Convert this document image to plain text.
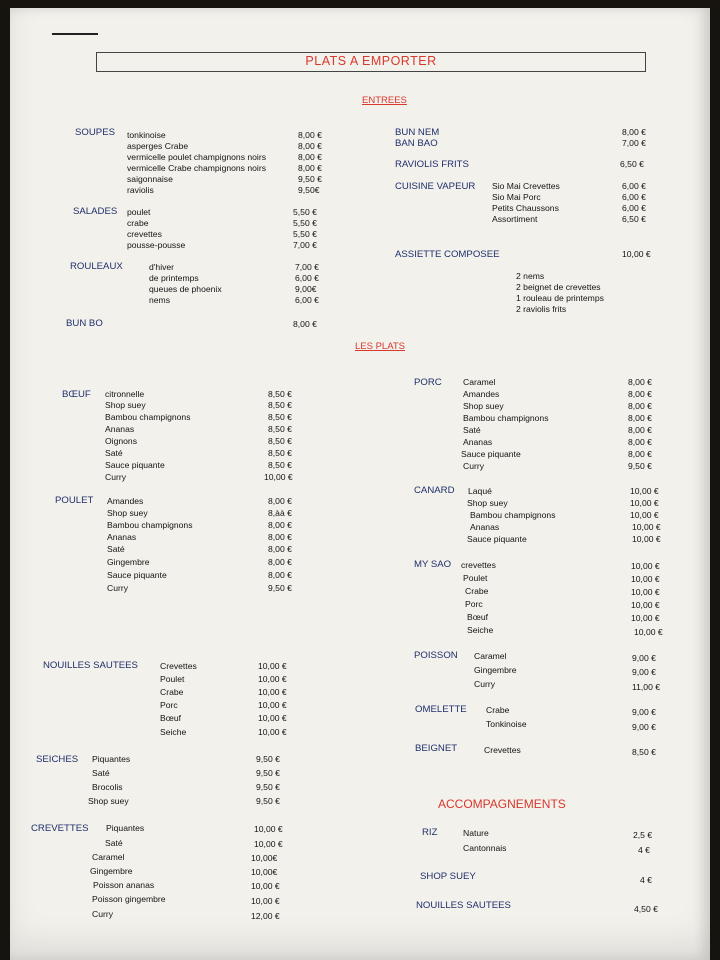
PLATS A EMPORTER
ENTREES
LES PLATS
ACCOMPAGNEMENTS
SOUPES tonkinoise	8,00 €
asperges Crabe	8,00 €
vermicelle poulet champignons noirs	8,00 €
vermicelle Crabe champignons noirs	8,00 €
saigonnaise	9,50 €
raviolis	9,50€
SALADES poulet	5,50 €
crabe	5,50 €
crevettes	5,50 €
pousse-pousse	7,00 €
ROULEAUX	d'hiver	7,00 €
de printemps	6,00 €
queues de phoenix	9,00€
nems	6,00 €
BUN BO	8,00 €
BUN NEM	8,00 €
BAN BAO	7,00 €
RAVIOLIS FRITS	6,50 €
CUISINE VAPEUR Sio Mai Crevettes	6,00 €
Sio Mai Porc	6,00 €
Petits Chaussons	6,00 €
Assortiment	6,50 €
ASSIETTE COMPOSEE	10,00 €
2 nems
2 beignet de crevettes
1 rouleau de printemps
2 raviolis frits
BŒUF citronnelle	8,50 €
Shop suey	8,50 €
Bambou champignons	8,50 €
Ananas	8,50 €
Oignons	8,50 €
Saté	8,50 €
Sauce piquante	8,50 €
Curry	10,00 €
POULET Amandes	8,00 €
Shop suey	8,àà €
Bambou champignons	8,00 €
Ananas	8,00 €
Saté	8,00 €
Gingembre	8,00 €
Sauce piquante	8,00 €
Curry	9,50 €
NOUILLES SAUTEES	Crevettes	10,00 €
Poulet	10,00 €
Crabe	10,00 €
Porc	10,00 €
Bœuf	10,00 €
Seiche	10,00 €
SEICHES Piquantes	9,50 €
Saté	9,50 €
Brocolis	9,50 €
Shop suey	9,50 €
CREVETTES Piquantes	10,00 €
Saté	10,00 €
Caramel	10,00€
Gingembre	10,00€
Poisson ananas	10,00 €
Poisson gingembre	10,00 €
Curry	12,00 €
PORC Caramel	8,00 €
Amandes	8,00 €
Shop suey	8,00 €
Bambou champignons	8,00 €
Saté	8,00 €
Ananas	8,00 €
Sauce piquante	8,00 €
Curry	9,50 €
CANARD Laqué	10,00 €
Shop suey	10,00 €
Bambou champignons	10,00 €
Ananas	10,00 €
Sauce piquante	10,00 €
MY SAO crevettes	10,00 €
Poulet	10,00 €
Crabe	10,00 €
Porc	10,00 €
Bœuf	10,00 €
Seiche	10,00 €
POISSON Caramel	9,00 €
Gingembre	9,00 €
Curry	11,00 €
OMELETTE Crabe	9,00 €
Tonkinoise	9,00 €
BEIGNET	Crevettes	8,50 €
RIZ	Nature	2,5 €
Cantonnais	4 €
SHOP SUEY	4 €
NOUILLES SAUTEES	4,50 €
